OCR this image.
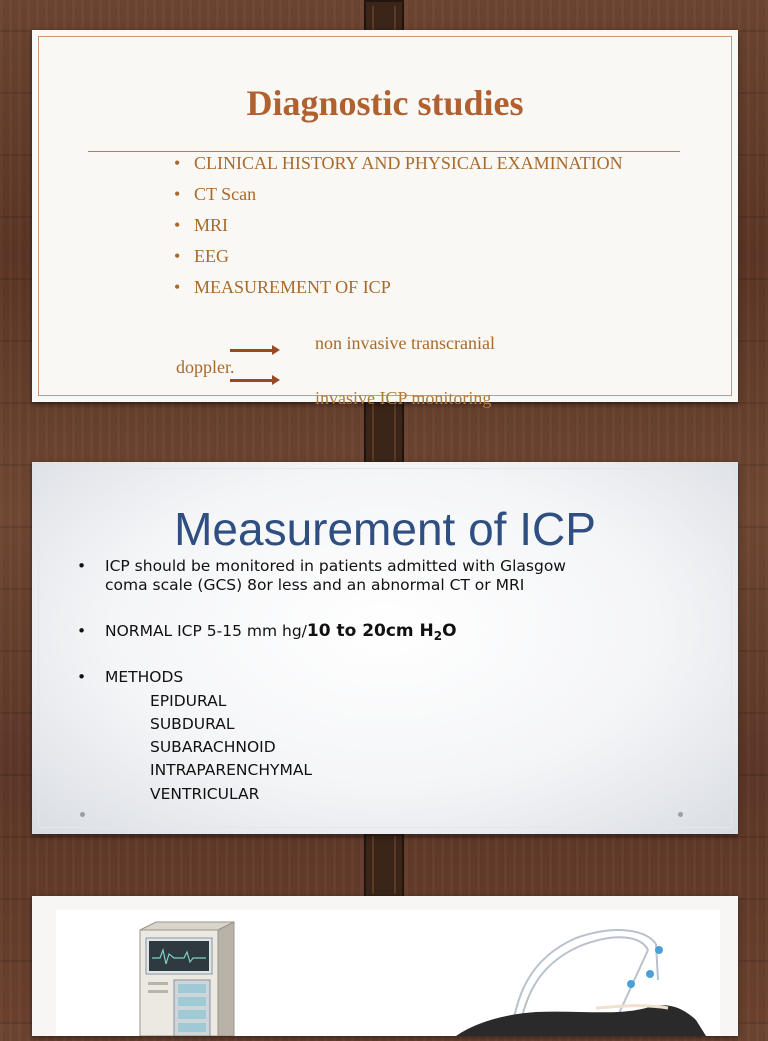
Diagnostic studies
• CLINICAL HISTORY AND PHYSICAL EXAMINATION
• CT Scan
• MRI
• EEG
• MEASUREMENT OF ICP
non invasive transcranial
doppler.
invasive ICP monitoring
Measurement of ICP
• ICP should be monitored in patients admitted with Glasgow
coma scale (GCS) 8or less and an abnormal CT or MRI
• NORMAL ICP 5-15 mm hg/10 to 20cm $H_2O$
• METHODS
EPIDURAL
SUBDURAL
SUBARACHNOID
INTRAPARENCHYMAL
VENTRICULAR
